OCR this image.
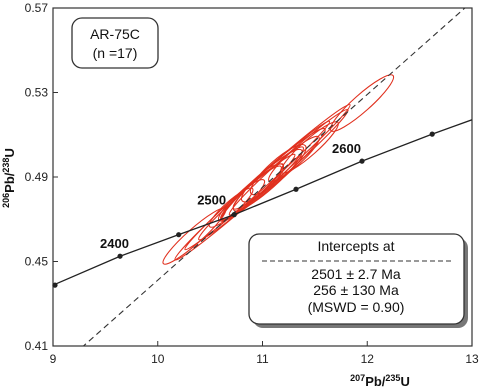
2400
2500
2600
9	10	11	12	13
0.41
0.45
0.49
0.53
0.57
AR-75C
(n =17)
Intercepts at
2501 ± 2.7 Ma
256 ± 130 Ma
(MSWD = 0.90)
$^{207}$Pb/$^{235}$U
$^{206}$Pb/$^{238}$U
